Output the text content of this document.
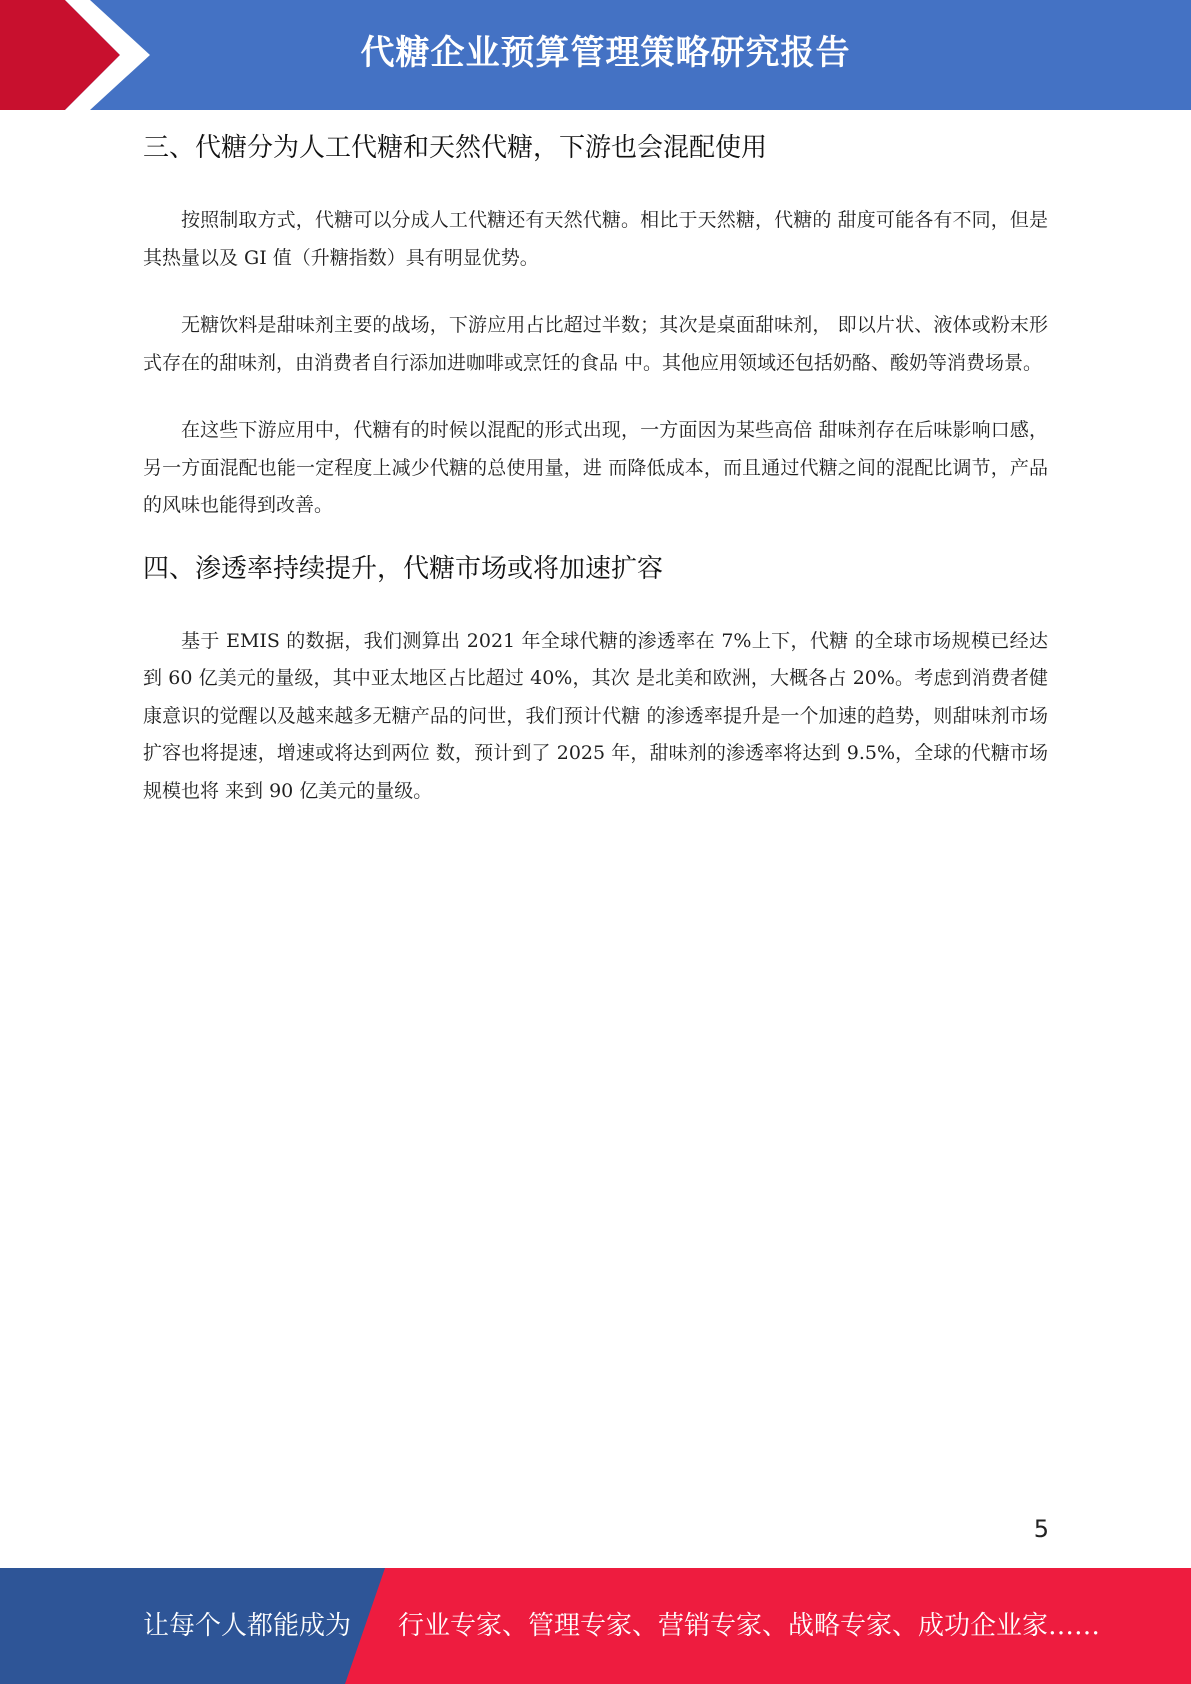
代糖企业预算管理策略研究报告
三、代糖分为人工代糖和天然代糖，下游也会混配使用

按照制取方式，代糖可以分成人工代糖还有天然代糖。相比于天然糖，代糖的 甜度可能各有不同，但是其热量以及 GI 值（升糖指数）具有明显优势。

无糖饮料是甜味剂主要的战场，下游应用占比超过半数；其次是桌面甜味剂， 即以片状、液体或粉末形式存在的甜味剂，由消费者自行添加进咖啡或烹饪的食品 中。其他应用领域还包括奶酪、酸奶等消费场景。

在这些下游应用中，代糖有的时候以混配的形式出现，一方面因为某些高倍 甜味剂存在后味影响口感，另一方面混配也能一定程度上减少代糖的总使用量，进 而降低成本，而且通过代糖之间的混配比调节，产品的风味也能得到改善。

四、渗透率持续提升，代糖市场或将加速扩容

基于 EMIS 的数据，我们测算出 2021 年全球代糖的渗透率在 7%上下，代糖 的全球市场规模已经达到 60 亿美元的量级，其中亚太地区占比超过 40%，其次 是北美和欧洲，大概各占 20%。考虑到消费者健康意识的觉醒以及越来越多无糖产品的问世，我们预计代糖 的渗透率提升是一个加速的趋势，则甜味剂市场扩容也将提速，增速或将达到两位 数，预计到了 2025 年，甜味剂的渗透率将达到 9.5%，全球的代糖市场规模也将 来到 90 亿美元的量级。

5
让每个人都能成为 行业专家、管理专家、营销专家、战略专家、成功企业家……
